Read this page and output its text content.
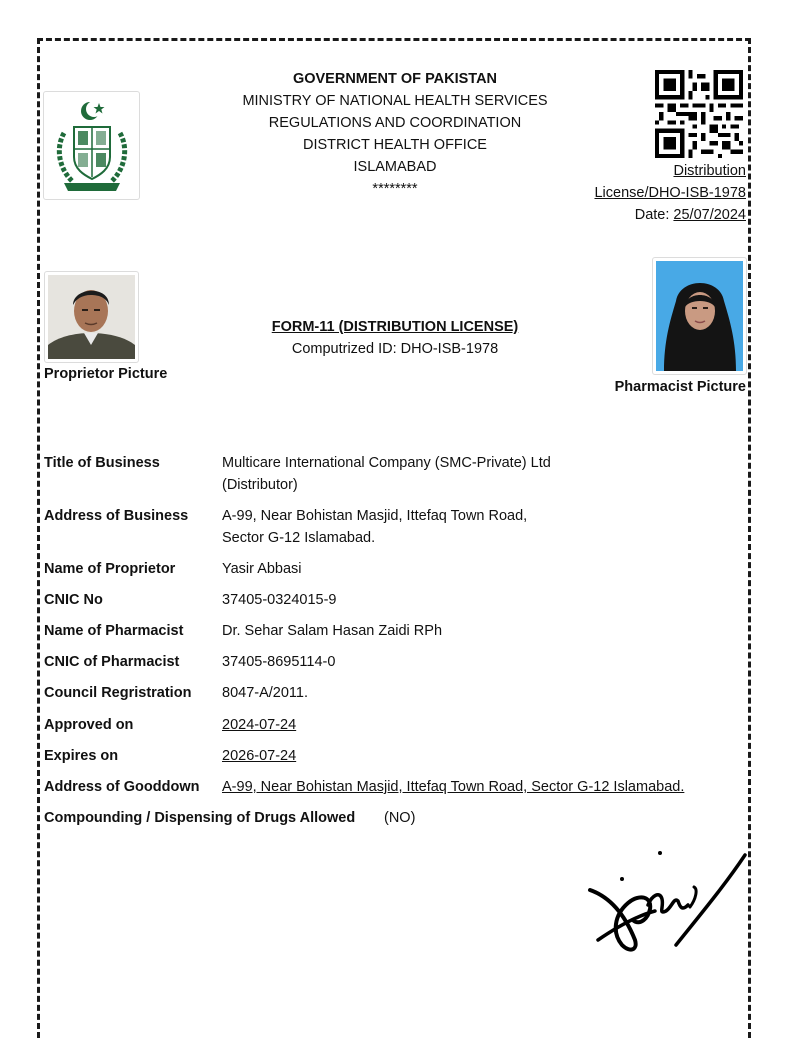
GOVERNMENT OF PAKISTAN
MINISTRY OF NATIONAL HEALTH SERVICES
REGULATIONS AND COORDINATION
DISTRICT HEALTH OFFICE
ISLAMABAD
********
Distribution
License/DHO-ISB-1978
Date: 25/07/2024
Proprietor Picture
Pharmacist Picture
FORM-11 (DISTRIBUTION LICENSE)
Computrized ID: DHO-ISB-1978
Title of Business	Multicare International Company (SMC-Private) Ltd
(Distributor)
Address of Business	A-99, Near Bohistan Masjid, Ittefaq Town Road,
Sector G-12 Islamabad.
Name of Proprietor	Yasir Abbasi
CNIC No	37405-0324015-9
Name of Pharmacist	Dr. Sehar Salam Hasan Zaidi RPh
CNIC of Pharmacist	37405-8695114-0
Council Regristration	8047-A/2011.
Approved on	2024-07-24
Expires on	2026-07-24
Address of Gooddown	A-99, Near Bohistan Masjid, Ittefaq Town Road, Sector G-12 Islamabad.
Compounding / Dispensing of Drugs Allowed (NO)
